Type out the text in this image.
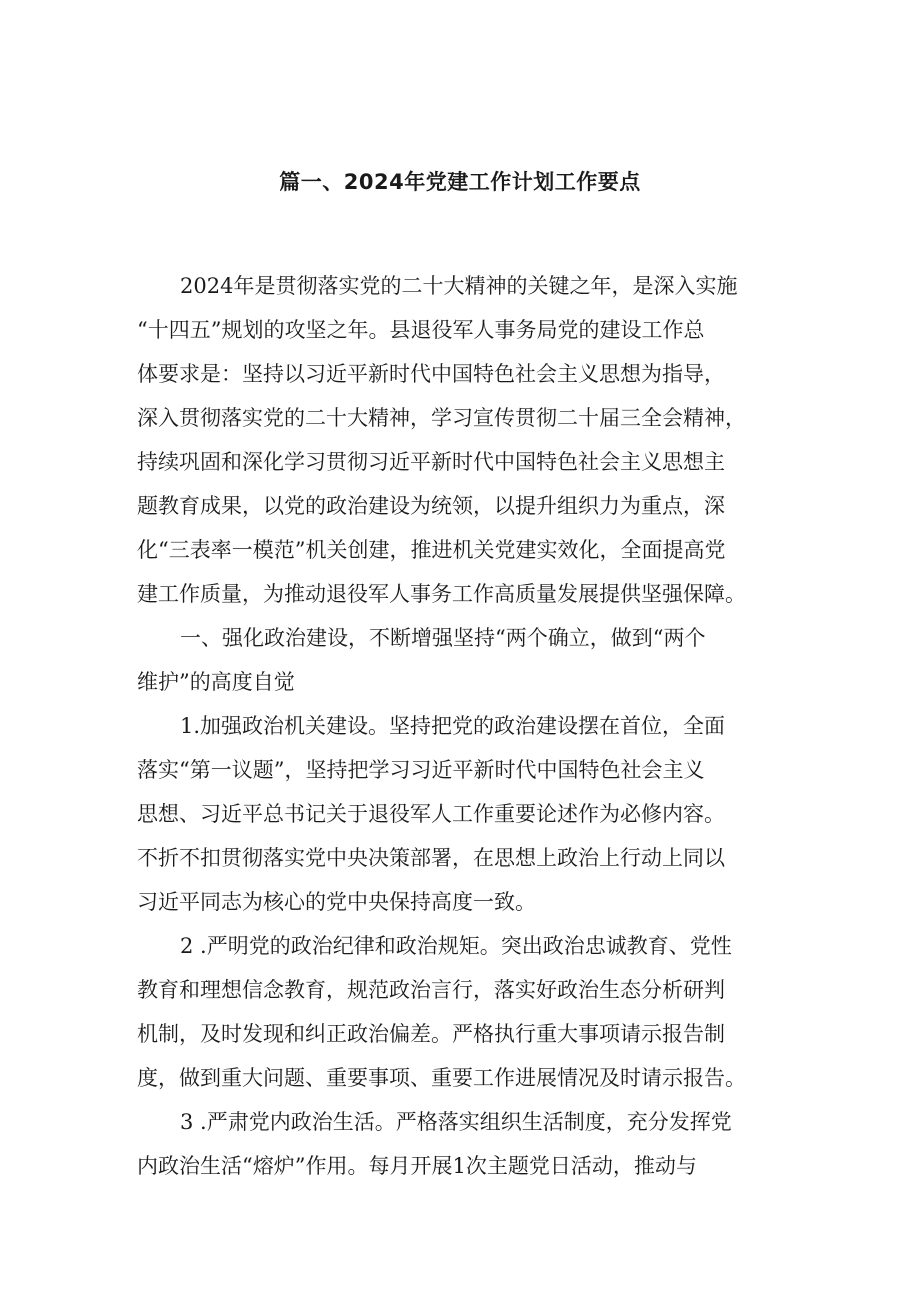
篇一、2024年党建工作计划工作要点
2024年是贯彻落实党的二十大精神的关键之年，是深入实施
“十四五”规划的攻坚之年。县退役军人事务局党的建设工作总
体要求是：坚持以习近平新时代中国特色社会主义思想为指导，
深入贯彻落实党的二十大精神，学习宣传贯彻二十届三全会精神，
持续巩固和深化学习贯彻习近平新时代中国特色社会主义思想主
题教育成果，以党的政治建设为统领，以提升组织力为重点，深
化“三表率一模范”机关创建，推进机关党建实效化，全面提高党
建工作质量，为推动退役军人事务工作高质量发展提供坚强保障。
一、强化政治建设，不断增强坚持“两个确立，做到“两个
维护”的高度自觉
1.加强政治机关建设。坚持把党的政治建设摆在首位，全面
落实“第一议题”，坚持把学习习近平新时代中国特色社会主义
思想、习近平总书记关于退役军人工作重要论述作为必修内容。
不折不扣贯彻落实党中央决策部署，在思想上政治上行动上同以
习近平同志为核心的党中央保持高度一致。
2 .严明党的政治纪律和政治规矩。突出政治忠诚教育、党性
教育和理想信念教育，规范政治言行，落实好政治生态分析研判
机制，及时发现和纠正政治偏差。严格执行重大事项请示报告制
度，做到重大问题、重要事项、重要工作进展情况及时请示报告。
3 .严肃党内政治生活。严格落实组织生活制度，充分发挥党
内政治生活“熔炉”作用。每月开展1次主题党日活动，推动与
